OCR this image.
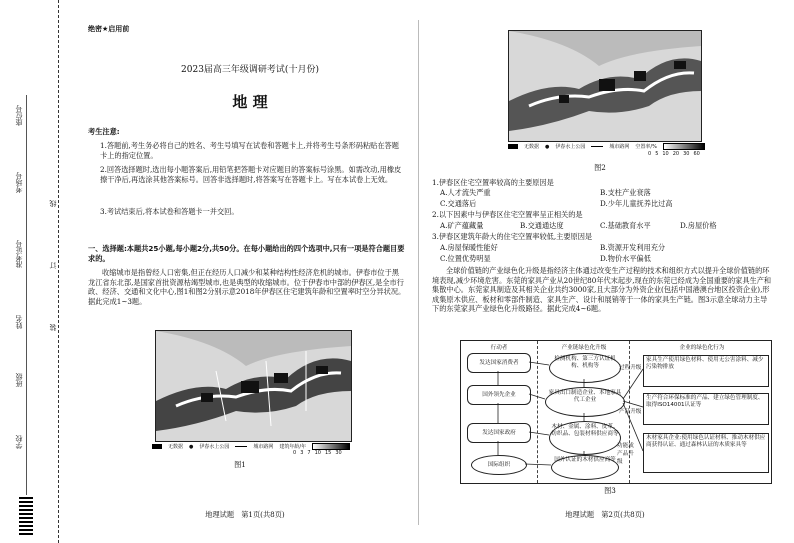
座位号
考场号
准考证号
姓名
班级
学校
线
订
装
绝密★启用前
2023届高三年级调研考试(十月份)
地 理
考生注意:
1.答题前,考生务必将自己的姓名、考生号填写在试卷和答题卡上,并将考生号条形码粘贴在答题卡上的指定位置。
2.回答选择题时,选出每小题答案后,用铅笔把答题卡对应题目的答案标号涂黑。如需改动,用橡皮擦干净后,再选涂其他答案标号。回答非选择题时,将答案写在答题卡上。写在本试卷上无效。
3.考试结束后,将本试卷和答题卡一并交回。
一、选择题:本题共25小题,每小题2分,共50分。在每小题给出的四个选项中,只有一项是符合题目要求的。
收缩城市是指曾经人口密集,但正在经历人口减少和某种结构性经济危机的城市。伊春市位于黑龙江省东北部,是国家首批资源枯竭型城市,也是典型的收缩城市。位于伊春市中部的伊春区,是全市行政、经济、交通和文化中心,图1和图2分别示意2018年伊春区住宅建筑年龄和空置率时空分异状况。据此完成1~3题。
无数据 ● 伊春水上公园	城市路网 建筑年龄/年
0 3 7 10 15 30
图1
地理试题　第1页(共8页)
无数据 ● 伊春水上公园	城市路网 空置率/%
0 5 10 20 30 60
图2
1.伊春区住宅空置率较高的主要原因是
A.人才流失严重	B.支柱产业衰落
C.交通落后	D.少年儿童抚养比过高
2.以下因素中与伊春区住宅空置率呈正相关的是
A.矿产蕴藏量	B.交通通达度	C.基础教育水平	D.房屋价格
3.伊春区建筑年龄大的住宅空置率较低,主要原因是
A.房屋保暖性能好	B.资源开发利用充分
C.位置优势明显	D.物价水平偏低
全球价值链的产业绿色化升级是指经济主体通过改变生产过程的技术和组织方式以提升全球价值链的环境表现,减少环境危害。东莞的家具产业从20世纪80年代末起步,现在的东莞已经成为全国重要的家具生产和集散中心。东莞家具制造及其相关企业共约3000家,且大部分为外资企业(包括中国港澳台地区投资企业),形成集原木供应、板材和零部件制造、家具生产、设计和展销等于一体的家具生产链。图3示意全球动力主导下的东莞家具产业绿色化升级路径。据此完成4~6题。
行动者	产业链绿色化升级	企业的绿色化行为
发达国家消费者
国外领先企业
发达国家政府
国际组织
检测机构、第三方认证机构、机构等
家具出口制造企业、本地家具代工企业
木材、金属、涂料、皮革、纺织品、包装材料供应商等
国外认证的木材供应商等
过程升级
产品升级
功能或产品升级
家具生产使用绿色材料、使用无公害涂料、减少污染物排放
生产符合环保标准的产品、建立绿色管理制度、取得ISO14001认证等
木材家具企业:使用绿色认证材料、推动木材供应商获得认证、通过森林认证的木质家具等
图3
地理试题　第2页(共8页)
